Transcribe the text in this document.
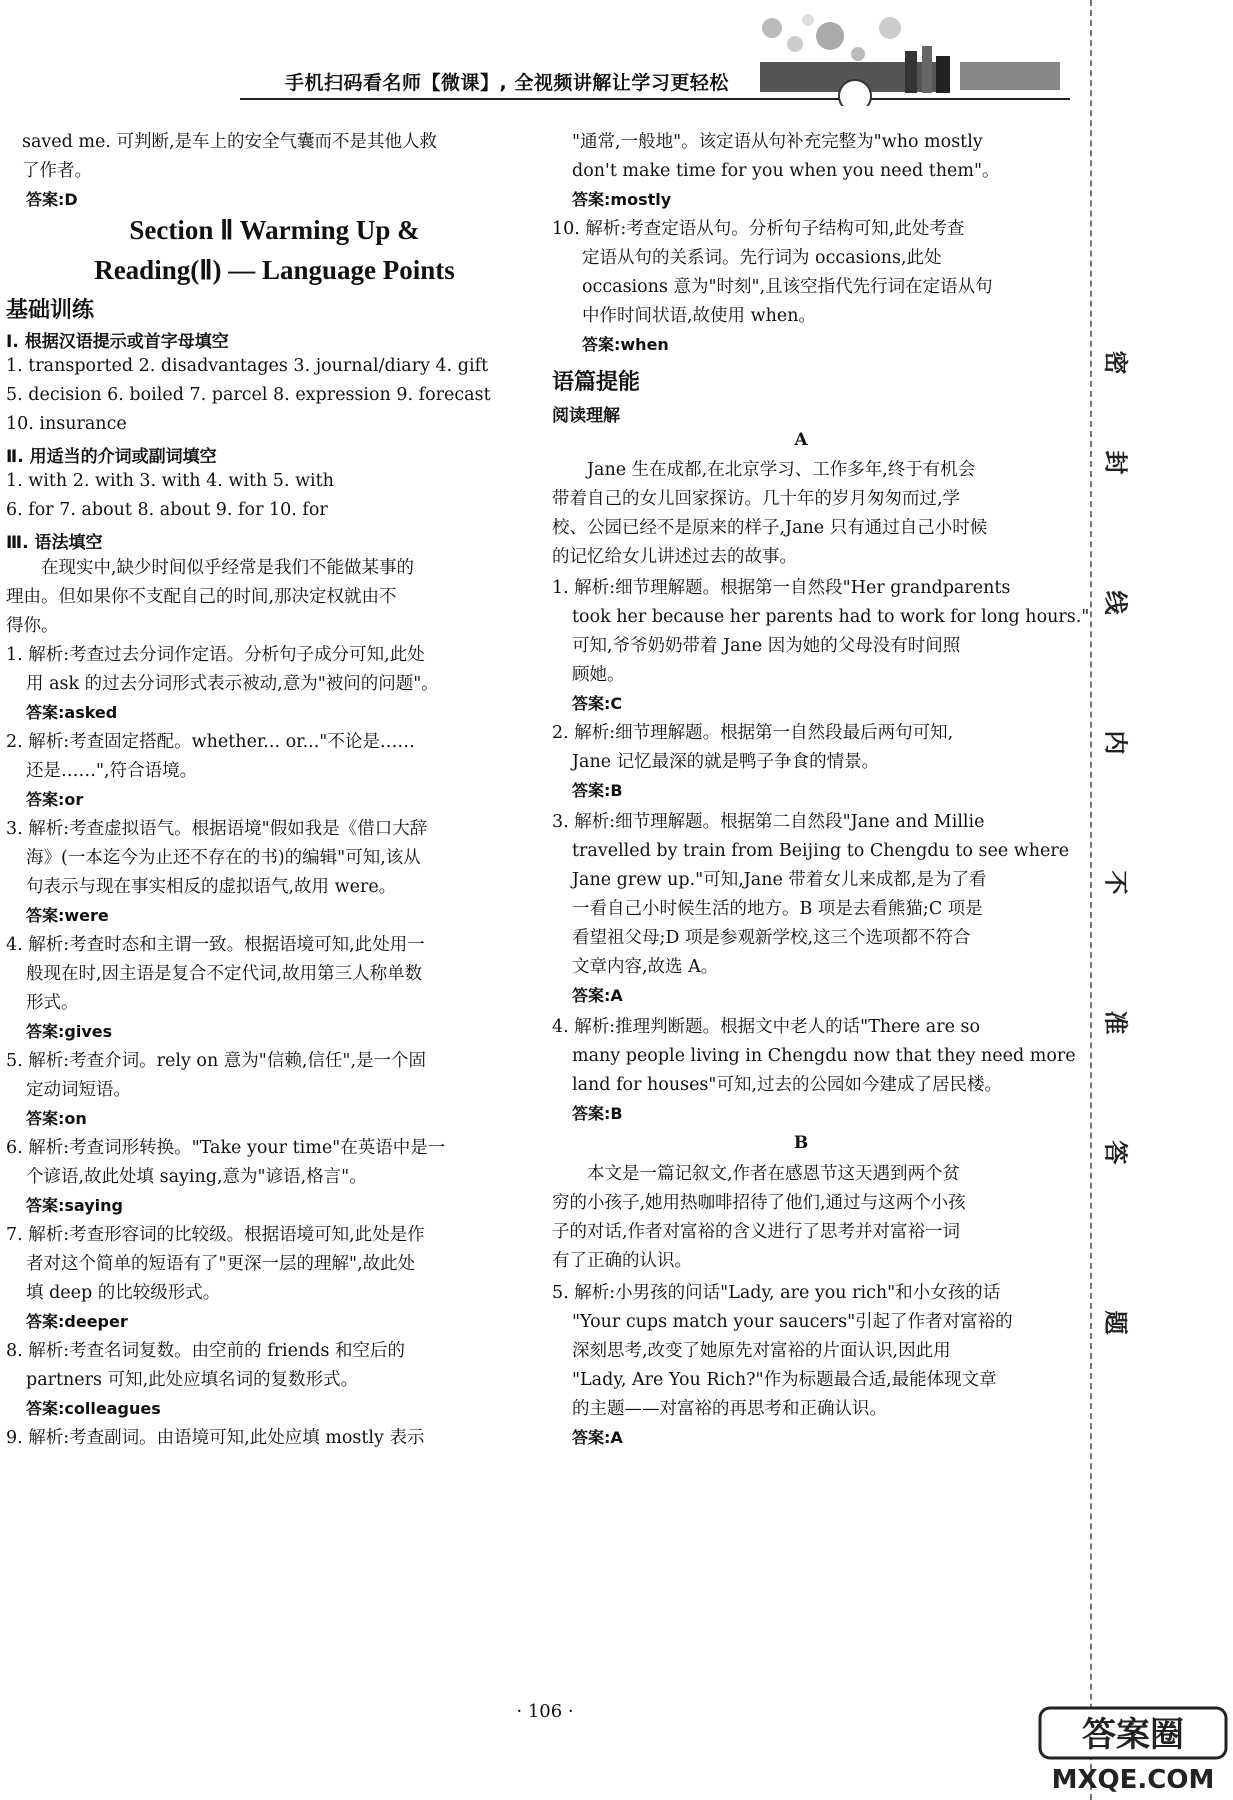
手机扫码看名师【微课】, 全视频讲解让学习更轻松
saved me. 可判断,是车上的安全气囊而不是其他人救
了作者。
答案:D
Section Ⅱ Warming Up &
Reading(Ⅱ) — Language Points
基础训练
Ⅰ. 根据汉语提示或首字母填空
1. transported 2. disadvantages 3. journal/diary 4. gift
5. decision 6. boiled 7. parcel 8. expression 9. forecast
10. insurance
Ⅱ. 用适当的介词或副词填空
1. with 2. with 3. with 4. with 5. with
6. for 7. about 8. about 9. for 10. for
Ⅲ. 语法填空
　　在现实中,缺少时间似乎经常是我们不能做某事的
理由。但如果你不支配自己的时间,那决定权就由不
得你。
1. 解析:考查过去分词作定语。分析句子成分可知,此处
用 ask 的过去分词形式表示被动,意为"被问的问题"。
答案:asked
2. 解析:考查固定搭配。whether... or..."不论是……
还是……",符合语境。
答案:or
3. 解析:考查虚拟语气。根据语境"假如我是《借口大辞
海》(一本迄今为止还不存在的书)的编辑"可知,该从
句表示与现在事实相反的虚拟语气,故用 were。
答案:were
4. 解析:考查时态和主谓一致。根据语境可知,此处用一
般现在时,因主语是复合不定代词,故用第三人称单数
形式。
答案:gives
5. 解析:考查介词。rely on 意为"信赖,信任",是一个固
定动词短语。
答案:on
6. 解析:考查词形转换。"Take your time"在英语中是一
个谚语,故此处填 saying,意为"谚语,格言"。
答案:saying
7. 解析:考查形容词的比较级。根据语境可知,此处是作
者对这个简单的短语有了"更深一层的理解",故此处
填 deep 的比较级形式。
答案:deeper
8. 解析:考查名词复数。由空前的 friends 和空后的
partners 可知,此处应填名词的复数形式。
答案:colleagues
9. 解析:考查副词。由语境可知,此处应填 mostly 表示
"通常,一般地"。该定语从句补充完整为"who mostly
don't make time for you when you need them"。
答案:mostly
10. 解析:考查定语从句。分析句子结构可知,此处考查
定语从句的关系词。先行词为 occasions,此处
occasions 意为"时刻",且该空指代先行词在定语从句
中作时间状语,故使用 when。
答案:when
语篇提能
阅读理解
A
　　Jane 生在成都,在北京学习、工作多年,终于有机会
带着自己的女儿回家探访。几十年的岁月匆匆而过,学
校、公园已经不是原来的样子,Jane 只有通过自己小时候
的记忆给女儿讲述过去的故事。
1. 解析:细节理解题。根据第一自然段"Her grandparents
took her because her parents had to work for long hours."
可知,爷爷奶奶带着 Jane 因为她的父母没有时间照
顾她。
答案:C
2. 解析:细节理解题。根据第一自然段最后两句可知,
Jane 记忆最深的就是鸭子争食的情景。
答案:B
3. 解析:细节理解题。根据第二自然段"Jane and Millie
travelled by train from Beijing to Chengdu to see where
Jane grew up."可知,Jane 带着女儿来成都,是为了看
一看自己小时候生活的地方。B 项是去看熊猫;C 项是
看望祖父母;D 项是参观新学校,这三个选项都不符合
文章内容,故选 A。
答案:A
4. 解析:推理判断题。根据文中老人的话"There are so
many people living in Chengdu now that they need more
land for houses"可知,过去的公园如今建成了居民楼。
答案:B
B
　　本文是一篇记叙文,作者在感恩节这天遇到两个贫
穷的小孩子,她用热咖啡招待了他们,通过与这两个小孩
子的对话,作者对富裕的含义进行了思考并对富裕一词
有了正确的认识。
5. 解析:小男孩的问话"Lady, are you rich"和小女孩的话
"Your cups match your saucers"引起了作者对富裕的
深刻思考,改变了她原先对富裕的片面认识,因此用
"Lady, Are You Rich?"作为标题最合适,最能体现文章
的主题——对富裕的再思考和正确认识。
答案:A
密
封
线
内
不
准
答
题
· 106 ·
答案圈
MXQE.COM
